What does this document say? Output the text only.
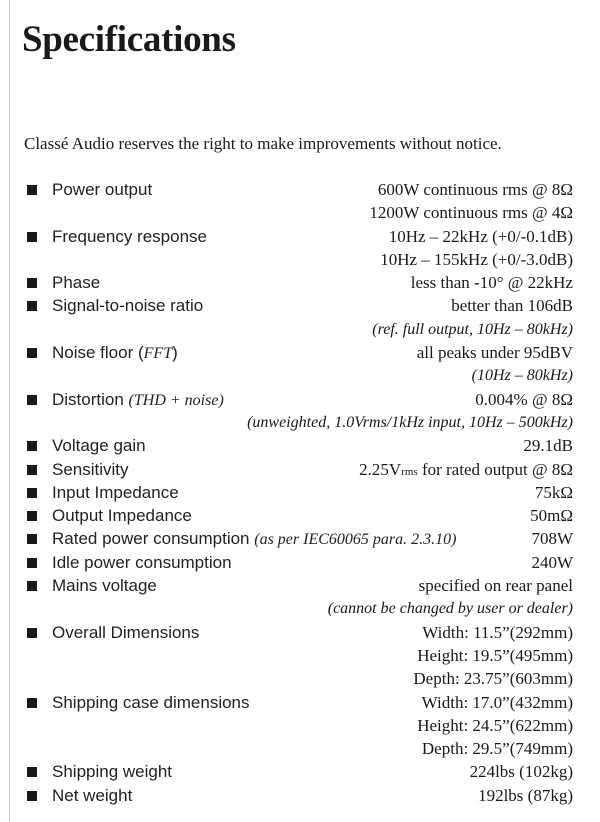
Specifications
Classé Audio reserves the right to make improvements without notice.
Power output	600W continuous rms @ 8Ω
1200W continuous rms @ 4Ω
Frequency response	10Hz – 22kHz (+0/-0.1dB)
10Hz – 155kHz (+0/-3.0dB)
Phase	less than -10° @ 22kHz
Signal-to-noise ratio	better than 106dB
(ref. full output, 10Hz – 80kHz)
Noise floor (FFT)	all peaks under 95dBV
(10Hz – 80kHz)
Distortion (THD + noise)	0.004% @ 8Ω
(unweighted, 1.0Vrms/1kHz input, 10Hz – 500kHz)
Voltage gain	29.1dB
Sensitivity	2.25Vrms for rated output @ 8Ω
Input Impedance	75kΩ
Output Impedance	50mΩ
Rated power consumption (as per IEC60065 para. 2.3.10)	708W
Idle power consumption	240W
Mains voltage	specified on rear panel
(cannot be changed by user or dealer)
Overall Dimensions	Width: 11.5”(292mm)
Height: 19.5”(495mm)
Depth: 23.75”(603mm)
Shipping case dimensions	Width: 17.0”(432mm)
Height: 24.5”(622mm)
Depth: 29.5”(749mm)
Shipping weight	224lbs (102kg)
Net weight	192lbs (87kg)
